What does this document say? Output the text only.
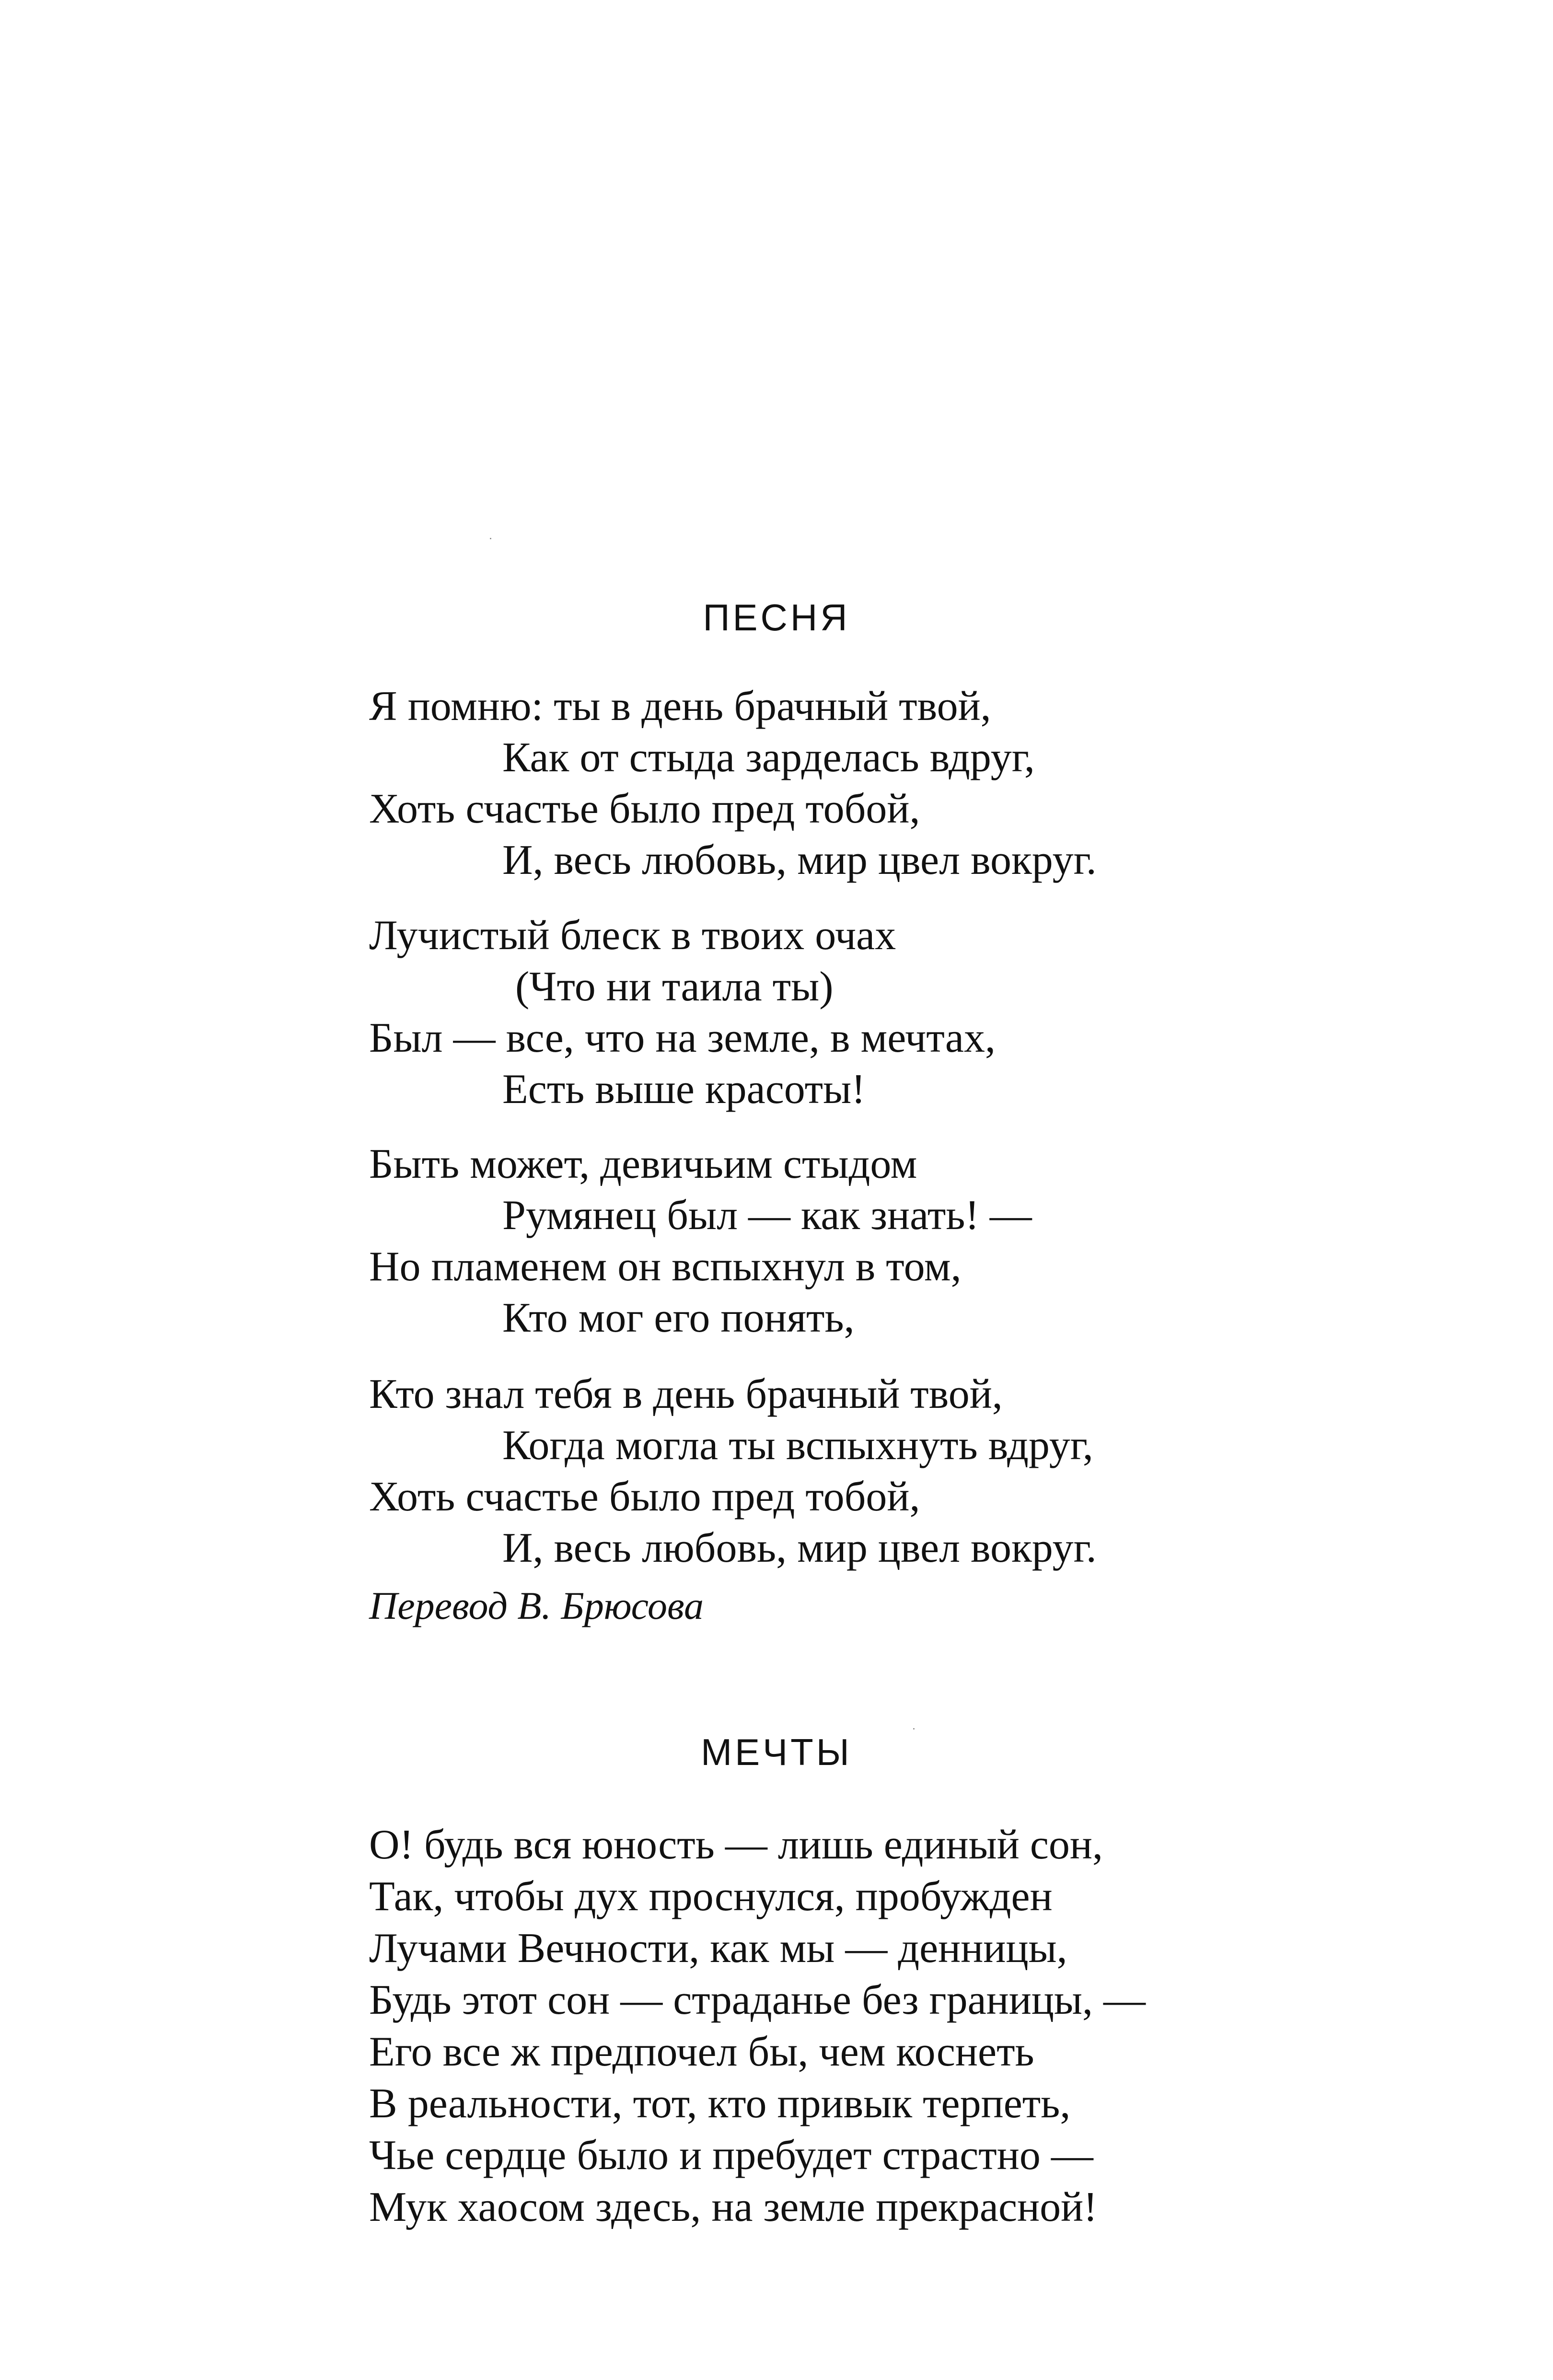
ПЕСНЯ
Я помню: ты в день брачный твой,
Как от стыда зарделась вдруг,
Хоть счастье было пред тобой,
И, весь любовь, мир цвел вокруг.
Лучистый блеск в твоих очах
(Что ни таила ты)
Был — все, что на земле, в мечтах,
Есть выше красоты!
Быть может, девичьим стыдом
Румянец был — как знать! —
Но пламенем он вспыхнул в том,
Кто мог его понять,
Кто знал тебя в день брачный твой,
Когда могла ты вспыхнуть вдруг,
Хоть счастье было пред тобой,
И, весь любовь, мир цвел вокруг.
Перевод В. Брюсова
МЕЧТЫ
О! будь вся юность — лишь единый сон,
Так, чтобы дух проснулся, пробужден
Лучами Вечности, как мы — денницы,
Будь этот сон — страданье без границы, —
Его все ж предпочел бы, чем коснеть
В реальности, тот, кто привык терпеть,
Чье сердце было и пребудет страстно —
Мук хаосом здесь, на земле прекрасной!
